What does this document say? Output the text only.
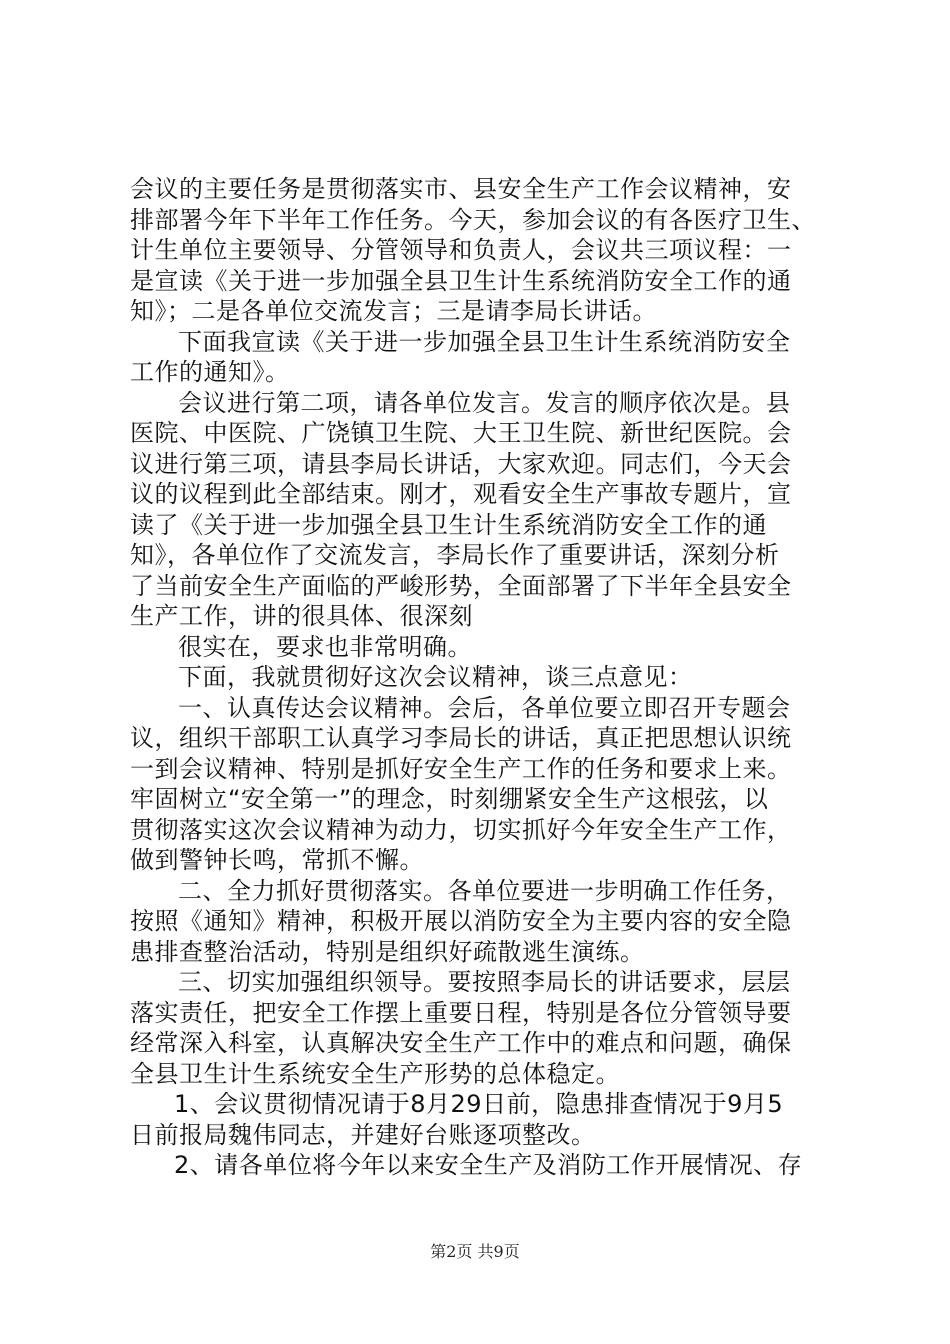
会议的主要任务是贯彻落实市、县安全生产工作会议精神，安
排部署今年下半年工作任务。今天，参加会议的有各医疗卫生、
计生单位主要领导、分管领导和负责人，会议共三项议程：一
是宣读《关于进一步加强全县卫生计生系统消防安全工作的通
知》；二是各单位交流发言；三是请李局长讲话。
下面我宣读《关于进一步加强全县卫生计生系统消防安全
工作的通知》。
会议进行第二项，请各单位发言。发言的顺序依次是。县
医院、中医院、广饶镇卫生院、大王卫生院、新世纪医院。会
议进行第三项，请县李局长讲话，大家欢迎。同志们，今天会
议的议程到此全部结束。刚才，观看安全生产事故专题片，宣
读了《关于进一步加强全县卫生计生系统消防安全工作的通
知》，各单位作了交流发言，李局长作了重要讲话，深刻分析
了当前安全生产面临的严峻形势，全面部署了下半年全县安全
生产工作，讲的很具体、很深刻
很实在，要求也非常明确。
下面，我就贯彻好这次会议精神，谈三点意见：
一、认真传达会议精神。会后，各单位要立即召开专题会
议，组织干部职工认真学习李局长的讲话，真正把思想认识统
一到会议精神、特别是抓好安全生产工作的任务和要求上来。
牢固树立“安全第一”的理念，时刻绷紧安全生产这根弦，以
贯彻落实这次会议精神为动力，切实抓好今年安全生产工作，
做到警钟长鸣，常抓不懈。
二、全力抓好贯彻落实。各单位要进一步明确工作任务，
按照《通知》精神，积极开展以消防安全为主要内容的安全隐
患排查整治活动，特别是组织好疏散逃生演练。
三、切实加强组织领导。要按照李局长的讲话要求，层层
落实责任，把安全工作摆上重要日程，特别是各位分管领导要
经常深入科室，认真解决安全生产工作中的难点和问题，确保
全县卫生计生系统安全生产形势的总体稳定。
1、会议贯彻情况请于8月29日前，隐患排查情况于9月5
日前报局魏伟同志，并建好台账逐项整改。
2、请各单位将今年以来安全生产及消防工作开展情况、存
第2页 共9页
